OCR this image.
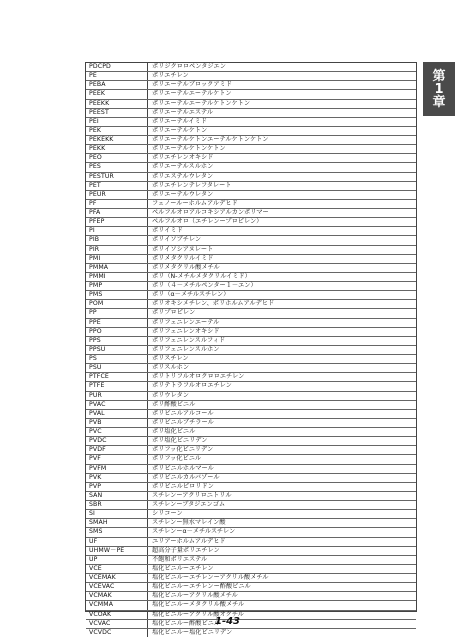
PDCPD	ポリジクロロペンタジエン
PE	ポリエチレン
PEBA	ポリエーテルブロックアミド
PEEK	ポリエーテルエーテルケトン
PEEKK	ポリエーテルエーテルケトンケトン
PEEST	ポリエーテルエステル
PEI	ポリエーテルイミド
PEK	ポリエーテルケトン
PEKEKK	ポリエーテルケトンエーテルケトンケトン
PEKK	ポリエーテルケトンケトン
PEO	ポリエチレンオキシド
PES	ポリエーテルスルホン
PESTUR	ポリエステルウレタン
PET	ポリエチレンテレフタレート
PEUR	ポリエーテルウレタン
PF	フェノールーホルムアルデヒド
PFA	ペルフルオロアルコキシアルカンポリマー
PFEP	ペルフルオロ（エチレンープロピレン）
PI	ポリイミド
PIB	ポリイソブチレン
PIR	ポリイソシアヌレート
PMI	ポリメタクリルイミド
PMMA	ポリメタクリル酸メチル
PMMI	ポリ（N-メチルメタクリルイミド）
PMP	ポリ（４－メチルペンター１－エン）
PMS	ポリ（α－メチルスチレン）
POM	ポリオキシメチレン、ポリホルムアルデヒド
PP	ポリプロピレン
PPE	ポリフェニレンエーテル
PPO	ポリフェニレンオキシド
PPS	ポリフェニレンスルフィド
PPSU	ポリフェニレンスルホン
PS	ポリスチレン
PSU	ポリスルホン
PTFCE	ポリトリフルオロクロロエチレン
PTFE	ポリテトラフルオロエチレン
PUR	ポリウレタン
PVAC	ポリ酢酸ビニル
PVAL	ポリビニルアルコール
PVB	ポリビニルブチラール
PVC	ポリ塩化ビニル
PVDC	ポリ塩化ビニリデン
PVDF	ポリフッ化ビニリデン
PVF	ポリフッ化ビニル
PVFM	ポリビニルホルマール
PVK	ポリビニルカルバゾール
PVP	ポリビニルピロリドン
SAN	スチレンーアクリロニトリル
SBR	スチレンーブタジエンゴム
SI	シリコーン
SMAH	スチレンー無水マレイン酸
SMS	スチレンーα－メチルスチレン
UF	ユリアーホルムアルデヒド
UHMW－PE	超高分子量ポリエチレン
UP	不飽和ポリエステル
VCE	塩化ビニルーエチレン
VCEMAK	塩化ビニルーエチレンーアクリル酸メチル
VCEVAC	塩化ビニルーエチレンー酢酸ビニル
VCMAK	塩化ビニルーアクリル酸メチル
VCMMA	塩化ビニルーメタクリル酸メチル
VCOAK	塩化ビニルーアクリル酸オクチル
VCVAC	塩化ビニルー酢酸ビニル
VCVDC	塩化ビニルー塩化ビニリデン
第
1
章
1-43
